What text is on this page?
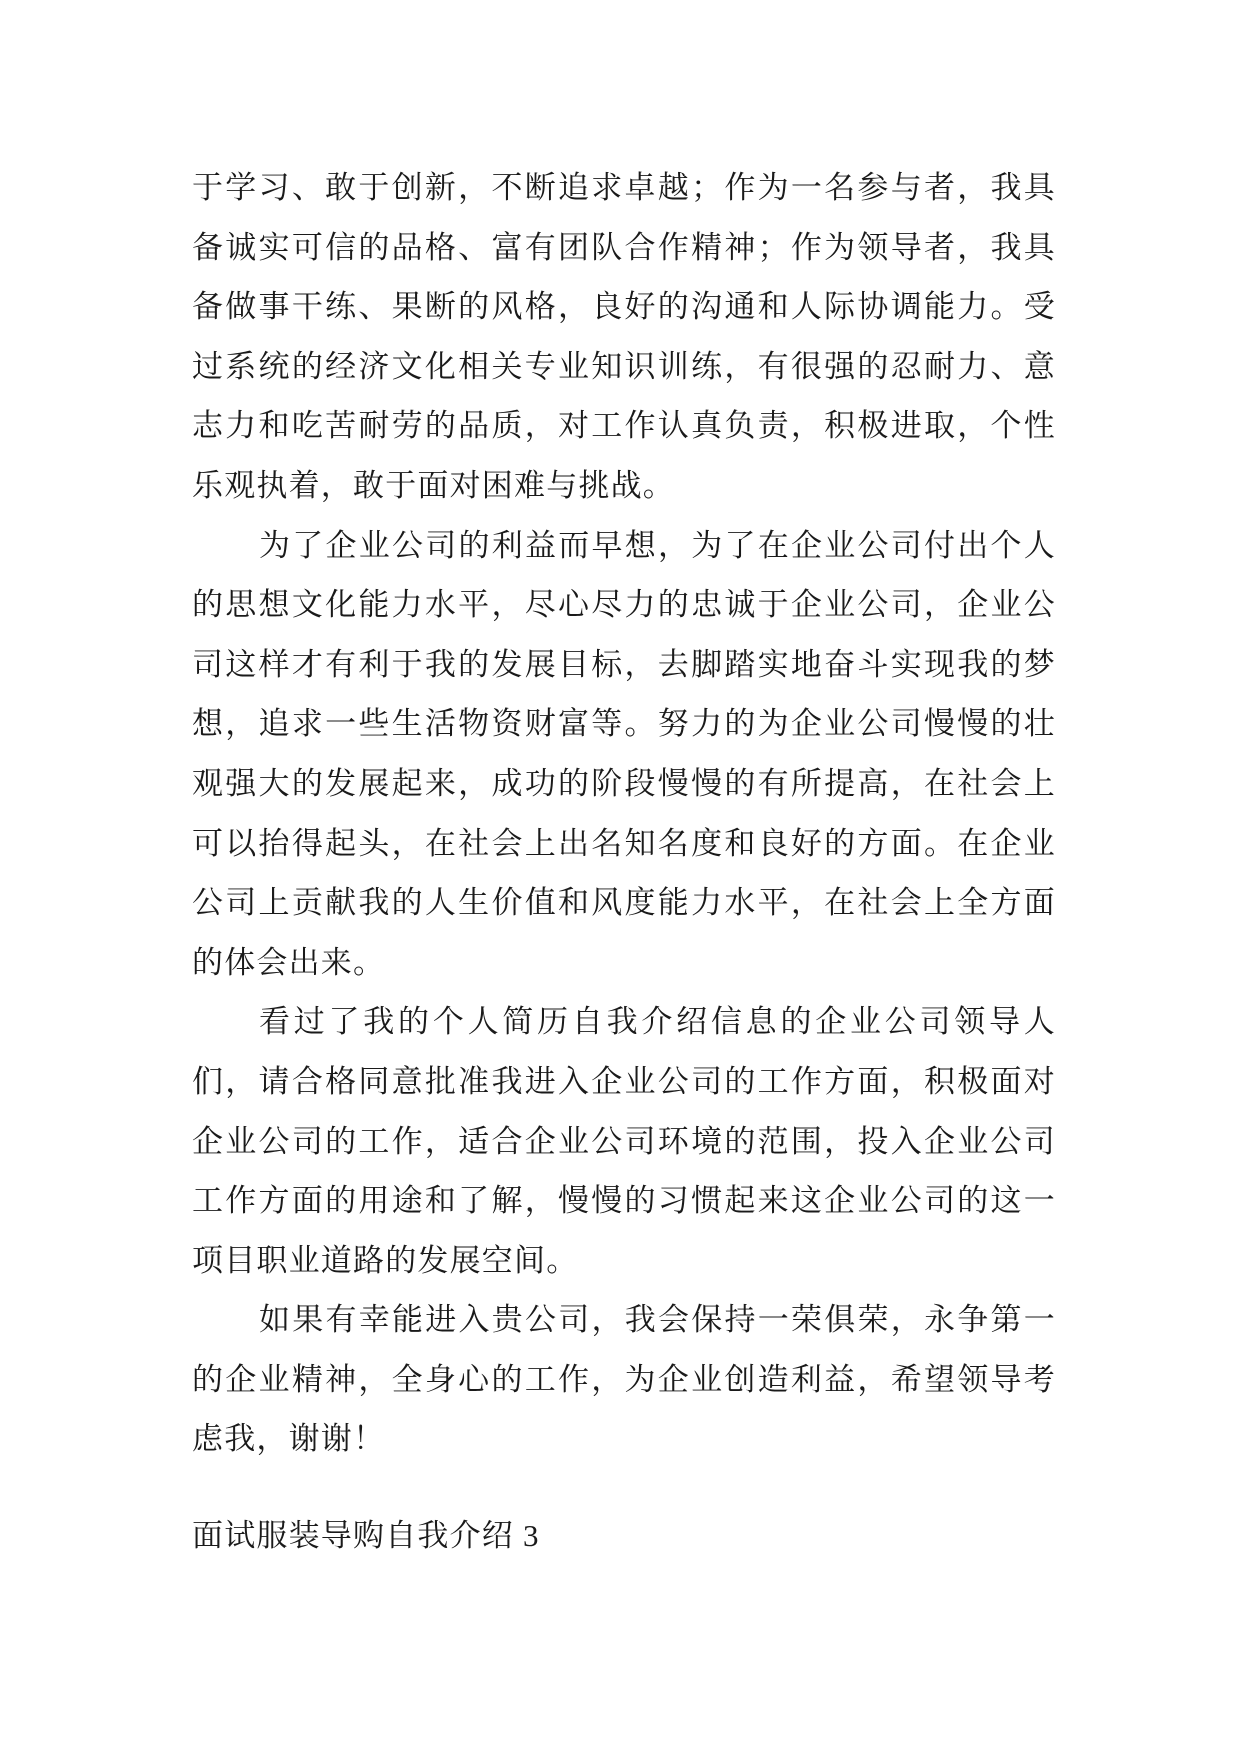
于学习、敢于创新，不断追求卓越；作为一名参与者，我具
备诚实可信的品格、富有团队合作精神；作为领导者，我具
备做事干练、果断的风格，良好的沟通和人际协调能力。受
过系统的经济文化相关专业知识训练，有很强的忍耐力、意
志力和吃苦耐劳的品质，对工作认真负责，积极进取，个性
乐观执着，敢于面对困难与挑战。
为了企业公司的利益而早想，为了在企业公司付出个人
的思想文化能力水平，尽心尽力的忠诚于企业公司，企业公
司这样才有利于我的发展目标，去脚踏实地奋斗实现我的梦
想，追求一些生活物资财富等。努力的为企业公司慢慢的壮
观强大的发展起来，成功的阶段慢慢的有所提高，在社会上
可以抬得起头，在社会上出名知名度和良好的方面。在企业
公司上贡献我的人生价值和风度能力水平，在社会上全方面
的体会出来。
看过了我的个人简历自我介绍信息的企业公司领导人
们，请合格同意批准我进入企业公司的工作方面，积极面对
企业公司的工作，适合企业公司环境的范围，投入企业公司
工作方面的用途和了解，慢慢的习惯起来这企业公司的这一
项目职业道路的发展空间。
如果有幸能进入贵公司，我会保持一荣俱荣，永争第一
的企业精神，全身心的工作，为企业创造利益，希望领导考
虑我，谢谢！
面试服装导购自我介绍 3
